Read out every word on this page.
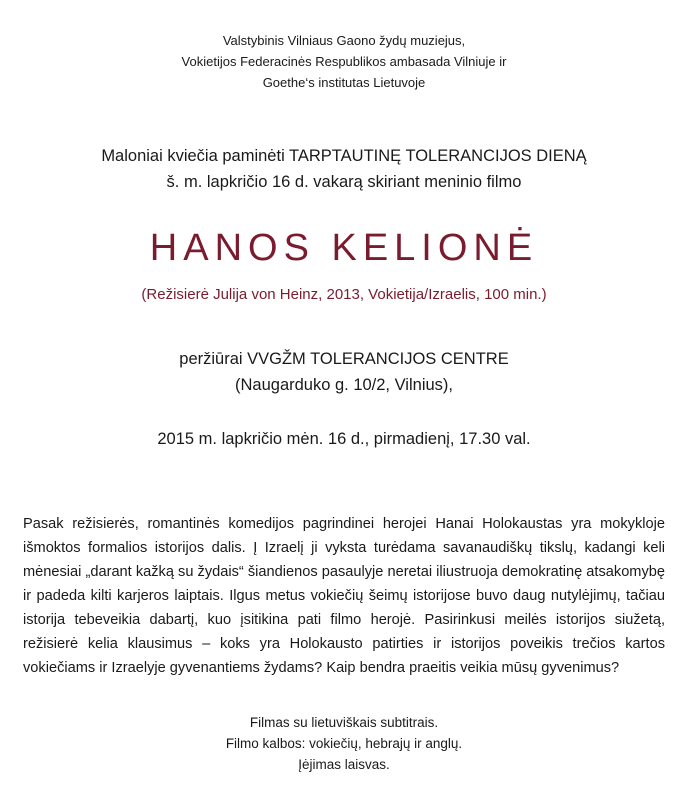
Valstybinis Vilniaus Gaono žydų muziejus,
Vokietijos Federacinės Respublikos ambasada Vilniuje ir
Goethe‘s institutas Lietuvoje
Maloniai kviečia paminėti TARPTAUTINĘ TOLERANCIJOS DIENĄ
š. m. lapkričio 16 d. vakarą skiriant meninio filmo
HANOS KELIONĖ
(Režisierė Julija von Heinz, 2013, Vokietija/Izraelis, 100 min.)
peržiūrai VVGŽM TOLERANCIJOS CENTRE
(Naugarduko g. 10/2, Vilnius),
2015 m. lapkričio mėn. 16 d., pirmadienį, 17.30 val.
Pasak režisierės, romantinės komedijos pagrindinei herojei Hanai Holokaustas yra mokykloje išmoktos formalios istorijos dalis. Į Izraelį ji vyksta turėdama savanaudiškų tikslų, kadangi keli mėnesiai „darant kažką su žydais“ šiandienos pasaulyje neretai iliustruoja demokratinę atsakomybę ir padeda kilti karjeros laiptais. Ilgus metus vokiečių šeimų istorijose buvo daug nutylėjimų, tačiau istorija tebeveikia dabartį, kuo įsitikina pati filmo herojė. Pasirinkusi meilės istorijos siužetą, režisierė kelia klausimus – koks yra Holokausto patirties ir istorijos poveikis trečios kartos vokiečiams ir Izraelyje gyvenantiems žydams? Kaip bendra praeitis veikia mūsų gyvenimus?
Filmas su lietuviškais subtitrais.
Filmo kalbos: vokiečių, hebrajų ir anglų.
Įėjimas laisvas.
